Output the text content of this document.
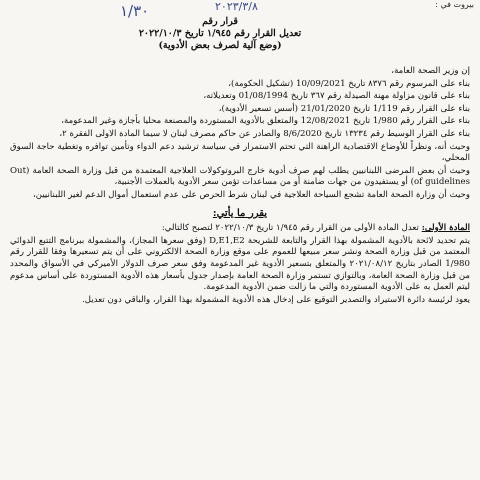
بيروت في :
٢٠٢٣/٣/٨
١/٣٠
قرار رقم
تعديل القرار رقم ١/٩٤٥ تاريخ ٢٠٢٢/١٠/٣
(وضع آلية لصرف بعض الأدوية)

إن وزير الصحة العامة،

بناء على المرسوم رقم ٨٣٧٦ تاريخ 10/09/2021 (تشكيل الحكومة)،

بناء على قانون مزاولة مهنة الصيدلة رقم ٣٦٧ تاريخ 01/08/1994 وتعديلاته،

بناء على القرار رقم 1/119 تاريخ 21/01/2020 (أسس تسعير الأدوية)،

بناء على القرار رقم 1/980 تاريخ 12/08/2021 والمتعلق بالأدوية المستوردة والمصنعة محليا بأجازة وغير المدعومة،

بناء على القرار الوسيط رقم ١٣٢٣٤ تاريخ 8/6/2020 والصادر عن حاكم مصرف لبنان لا سيما المادة الاولى الفقرة ٢،

وحيث أنه، ونظراً للأوضاع الاقتصادية الراهنة التي تحتم الاستمرار في سياسة ترشيد دعم الدواء وتأمين توافره وتغطية حاجة السوق المحلي،

وحيث أن بعض المرضى اللبنانيين يطلب لهم صرف أدوية خارج البروتوكولات العلاجية المعتمدة من قبل وزارة الصحة العامة (Out of guidelines) أو يستفيدون من جهات ضامنة أو من مساعدات تؤمن سعر الأدوية بالعملات الأجنبية،

وحيث أن وزارة الصحة العامة تشجع السياحة العلاجية في لبنان شرط الحرص على عدم استعمال أموال الدعم لغير اللبنانيين،

يقرر ما يأتي:

المادة الأولى: تعدل المادة الأولى من القرار رقم ١/٩٤٥ تاريخ ٢٠٢٢/١٠/٣ لتصبح كالتالي:

يتم تحديد لائحة بالأدوية المشمولة بهذا القرار والتابعة للشريحة D,E1,E2 (وفق سعرها المجاز)، والمشمولة ببرنامج التتبع الدوائي المعتمد من قبل وزارة الصحة ونشر سعر مبيعها للعموم على موقع وزارة الصحة الالكتروني على أن يتم تسعيرها وفقا للقرار رقم 1/980 الصادر بتاريخ ٢٠٢١/٠٨/١٢ والمتعلق بتسعير الأدوية غير المدعومة وفق سعر صرف الدولار الأميركي في الأسواق والمحدد من قبل وزارة الصحة العامة، وبالتوازي تستمر وزارة الصحة العامة بإصدار جدول بأسعار هذه الأدوية المستوردة على أساس مدعوم ليتم العمل به على الأدوية المستوردة والتي ما زالت ضمن الأدوية المدعومة.

يعود لرئيسة دائرة الاستيراد والتصدير التوقيع على إدخال هذه الأدوية المشمولة بهذا القرار، والباقي دون تعديل.
